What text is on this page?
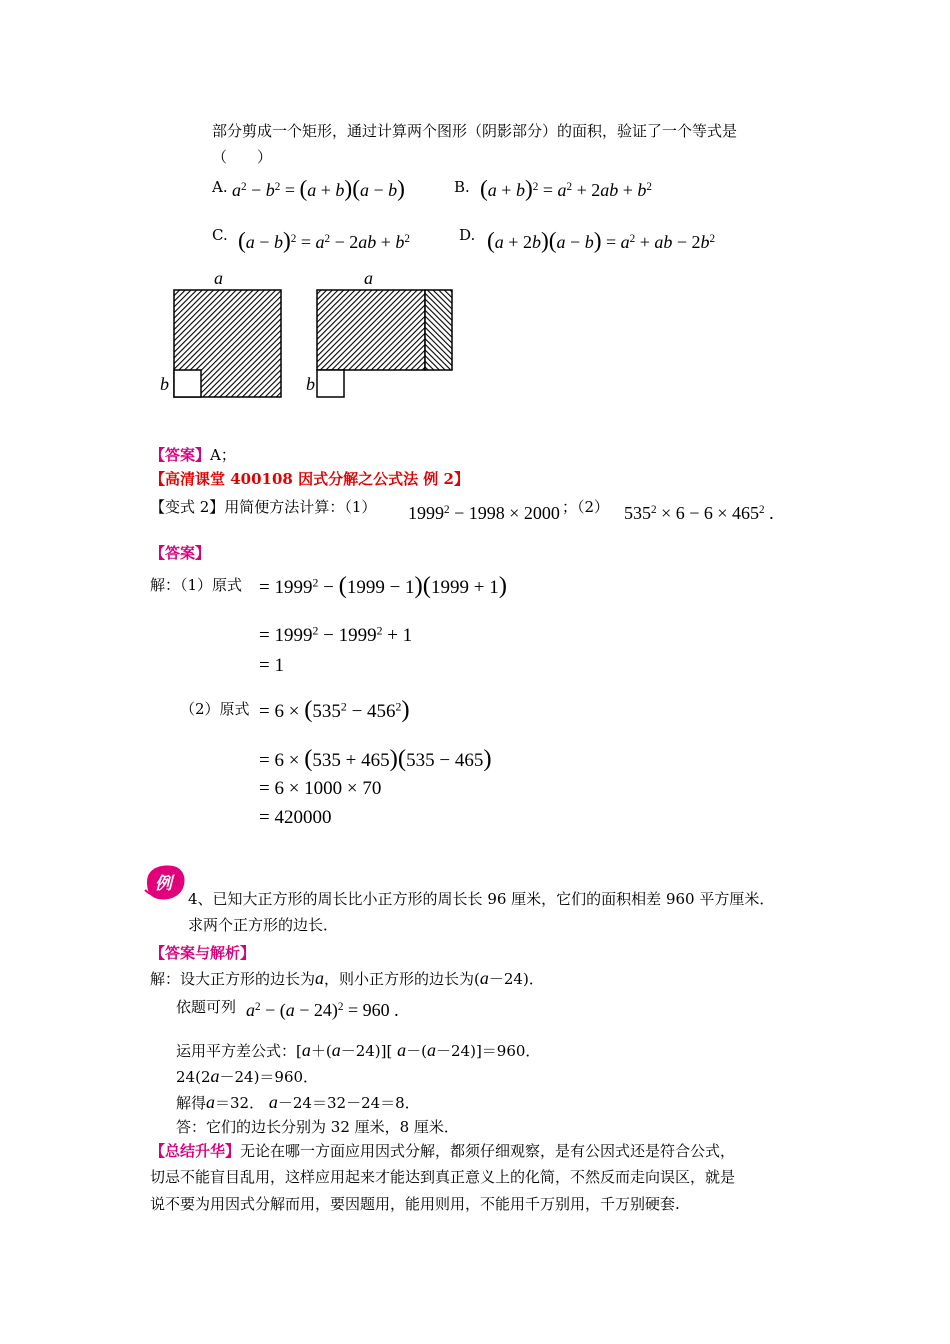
部分剪成一个矩形，通过计算两个图形（阴影部分）的面积，验证了一个等式是
（　　）
A. $a^2 - b^2 = (a + b)(a - b)$	B. $(a + b)^2 = a^2 + 2ab + b^2$
C. $(a - b)^2 = a^2 - 2ab + b^2$	D. $(a + 2b)(a - b) = a^2$ + ab − $2b^2$
a
b
a
b
【答案】A；
【高清课堂 400108 因式分解之公式法 例 2】
【变式 2】用简便方法计算：（1） $1999^2 - 1998 \times 2000$ ；（2） $535^2 \times 6 - 6 \times 465^2$ .
【答案】
解：（1）原式 = $1999^2 - (1999 - 1)(1999 + 1)$
= $1999^2 - 1999^2 + 1$
= 1
（2）原式 = $6 \times (535^2 - 456^2)$
= 6 × (535 + 465)(535 − 465)
= 6 × 1000 × 70
= 420000
例
4、已知大正方形的周长比小正方形的周长长 96 厘米，它们的面积相差 960 平方厘米．
求两个正方形的边长．
【答案与解析】
解：设大正方形的边长为a，则小正方形的边长为(a－24)．
依题可列 $a^2 - (a - 24)^2 = 960$ .
运用平方差公式：[a＋(a－24)][ a－(a－24)]＝960．
24(2a－24)＝960．
解得a＝32． a－24＝32－24＝8．
答：它们的边长分别为 32 厘米，8 厘米．
【总结升华】无论在哪一方面应用因式分解，都须仔细观察，是有公因式还是符合公式，
切忌不能盲目乱用，这样应用起来才能达到真正意义上的化简，不然反而走向误区，就是
说不要为用因式分解而用，要因题用，能用则用，不能用千万别用，千万别硬套.
